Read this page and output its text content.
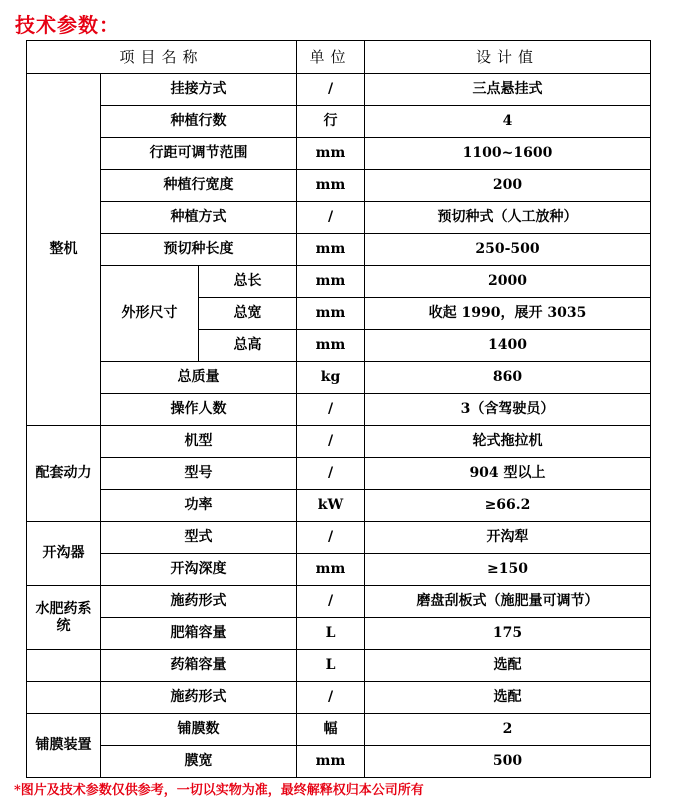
技术参数：
项目名称			单位	设计值
整机	挂接方式		/	三点悬挂式
	种植行数		行	4
	行距可调节范围		mm	1100~1600
	种植行宽度		mm	200
	种植方式		/	预切种式（人工放种）
	预切种长度		mm	250-500
	外形尺寸	总长	mm	2000
		总宽	mm	收起 1990，展开 3035
		总高	mm	1400
	总质量		kg	860
	操作人数		/	3（含驾驶员）
配套动力	机型		/	轮式拖拉机
	型号		/	904 型以上
	功率		kW	≥66.2
开沟器	型式		/	开沟犁
	开沟深度		mm	≥150
水肥药系统	施药形式		/	磨盘刮板式（施肥量可调节）
	肥箱容量		L	175
	药箱容量		L	选配
	施药形式		/	选配
铺膜装置	铺膜数		幅	2
	膜宽		mm	500

*图片及技术参数仅供参考，一切以实物为准，最终解释权归本公司所有
